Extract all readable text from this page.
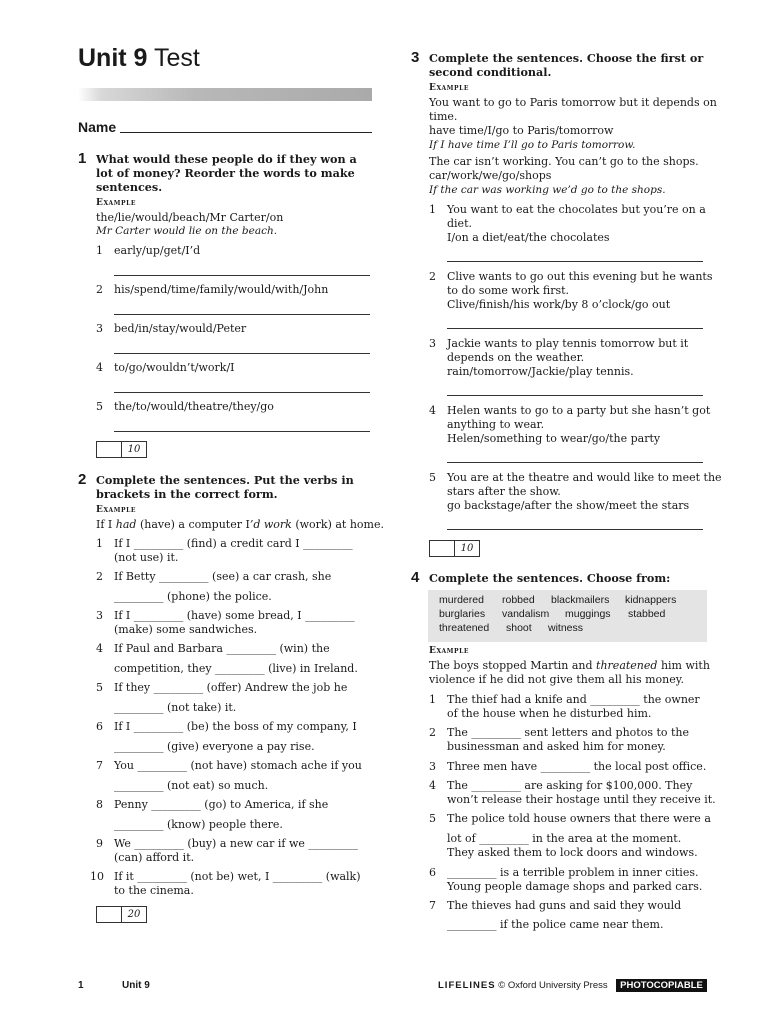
Unit 9 Test
Name
1 What would these people do if they won a lot of money? Reorder the words to make sentences.
Example
the/lie/would/beach/Mr Carter/on
Mr Carter would lie on the beach.
1 early/up/get/I’d
2 his/spend/time/family/would/with/John
3 bed/in/stay/would/Peter
4 to/go/wouldn’t/work/I
5 the/to/would/theatre/they/go
10
2 Complete the sentences. Put the verbs in brackets in the correct form.
Example
If I had (have) a computer I’d work (work) at home.
1 If I _________ (find) a credit card I _________
(not use) it.
2 If Betty _________ (see) a car crash, she
_________ (phone) the police.
3 If I _________ (have) some bread, I _________
(make) some sandwiches.
4 If Paul and Barbara _________ (win) the
competition, they _________ (live) in Ireland.
5 If they _________ (offer) Andrew the job he
_________ (not take) it.
6 If I _________ (be) the boss of my company, I
_________ (give) everyone a pay rise.
7 You _________ (not have) stomach ache if you
_________ (not eat) so much.
8 Penny _________ (go) to America, if she
_________ (know) people there.
9 We _________ (buy) a new car if we _________
(can) afford it.
10 If it _________ (not be) wet, I _________ (walk)
to the cinema.
20
3 Complete the sentences. Choose the first or second conditional.
Example
You want to go to Paris tomorrow but it depends on
time.
have time/I/go to Paris/tomorrow
If I have time I’ll go to Paris tomorrow.
The car isn’t working. You can’t go to the shops.
car/work/we/go/shops
If the car was working we’d go to the shops.
1 You want to eat the chocolates but you’re on a
diet.
I/on a diet/eat/the chocolates
2 Clive wants to go out this evening but he wants
to do some work first.
Clive/finish/his work/by 8 o’clock/go out
3 Jackie wants to play tennis tomorrow but it
depends on the weather.
rain/tomorrow/Jackie/play tennis.
4 Helen wants to go to a party but she hasn’t got
anything to wear.
Helen/something to wear/go/the party
5 You are at the theatre and would like to meet the
stars after the show.
go backstage/after the show/meet the stars
10
4 Complete the sentences. Choose from:
murdered robbed blackmailers kidnappers
burglaries vandalism muggings stabbed
threatened shoot witness
Example
The boys stopped Martin and threatened him with
violence if he did not give them all his money.
1 The thief had a knife and _________ the owner
of the house when he disturbed him.
2 The _________ sent letters and photos to the
businessman and asked him for money.
3 Three men have _________ the local post office.
4 The _________ are asking for $100,000. They
won’t release their hostage until they receive it.
5 The police told house owners that there were a
lot of _________ in the area at the moment.
They asked them to lock doors and windows.
6 _________ is a terrible problem in inner cities.
Young people damage shops and parked cars.
7 The thieves had guns and said they would
_________ if the police came near them.
1	Unit 9	LIFELINES © Oxford University Press	PHOTOCOPIABLE
